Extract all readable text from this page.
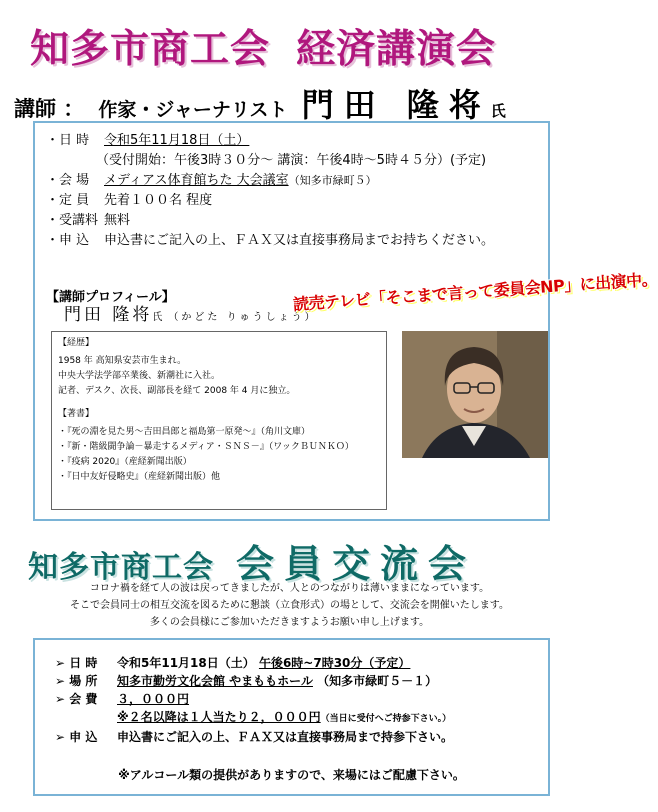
知多市商工会 経済講演会
講師 ： 作家・ジャーナリスト 門田 隆将氏
・日 時 令和5年11月18日（土）
（受付開始：午後3時３０分～ 講演：午後4時～5時４５分）(予定)
・会 場 メディアス体育館ちた 大会議室（知多市緑町５）
・定 員 先着１００名 程度
・受講料 無料
・申 込 申込書にご記入の上、ＦＡＸ又は直接事務局までお持ちください。
【講師プロフィール】
門田 隆将氏 （かどた りゅうしょう）
読売テレビ「そこまで言って委員会NP」に出演中。
【経歴】
1958 年 高知県安芸市生まれ。
中央大学法学部卒業後、新潮社に入社。
記者、デスク、次長、副部長を経て 2008 年 4 月に独立。
【著書】
・『死の淵を見た男～吉田昌郎と福島第一原発～』（角川文庫）
・『新・階級闘争論－暴走するメディア・ＳＮＳ－』（ワックＢＵＮＫＯ）
・『疫病 2020』（産経新聞出版）
・『日中友好侵略史』（産経新聞出版）他
知多市商工会 会員交流会
コロナ禍を経て人の波は戻ってきましたが、人とのつながりは薄いままになっています。
そこで会員同士の相互交流を図るために懇談（立食形式）の場として、交流会を開催いたします。
多くの会員様にご参加いただきますようお願い申し上げます。
➢ 日 時 令和5年11月18日（土） 午後6時~7時30分（予定）
➢ 場 所 知多市勤労文化会館 やまももホール （知多市緑町５－１）
➢ 会 費 ３，０００円
※２名以降は１人当たり２，０００円（当日に受付へご持参下さい。）
➢ 申 込 申込書にご記入の上、ＦＡＸ又は直接事務局まで持参下さい。
※アルコール類の提供がありますので、来場にはご配慮下さい。
